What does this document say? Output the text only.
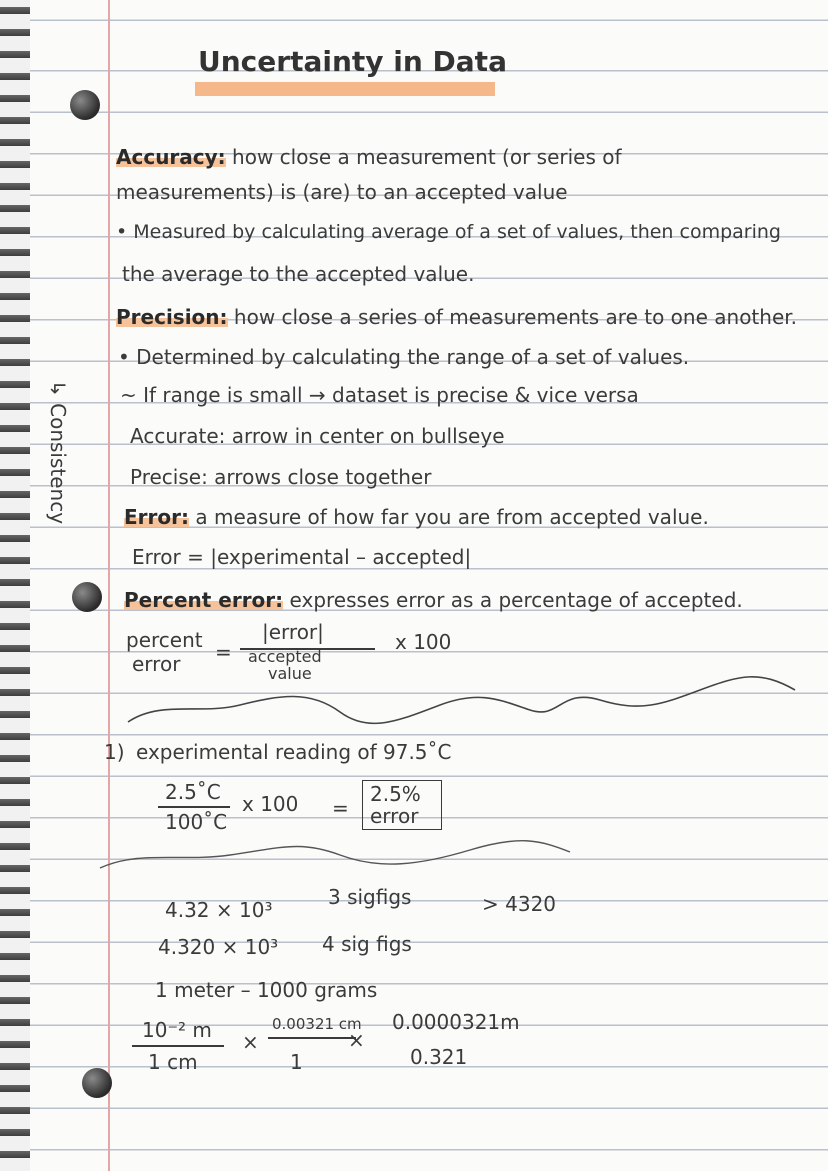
Uncertainty in Data
↳ Consistency
Accuracy: how close a measurement (or series of
measurements) is (are) to an accepted value
• Measured by calculating average of a set of values, then comparing
the average to the accepted value.
Precision: how close a series of measurements are to one another.
• Determined by calculating the range of a set of values.
~ If range is small → dataset is precise & vice versa
Accurate: arrow in center on bullseye
Precise: arrows close together
Error: a measure of how far you are from accepted value.
Error = |experimental – accepted|
Percent error: expresses error as a percentage of accepted.
percent
error =
|error|
accepted
value
x 100
1) experimental reading of 97.5˚C
2.5˚C
100˚C
x 100 =
2.5%
error
4.32 × 10³
3 sigfigs	> 4320
4.320 × 10³ 4 sig figs
1 meter – 1000 grams
10⁻² m
1 cm
×
0.00321 cm
1
×
0.0000321m
0.321
